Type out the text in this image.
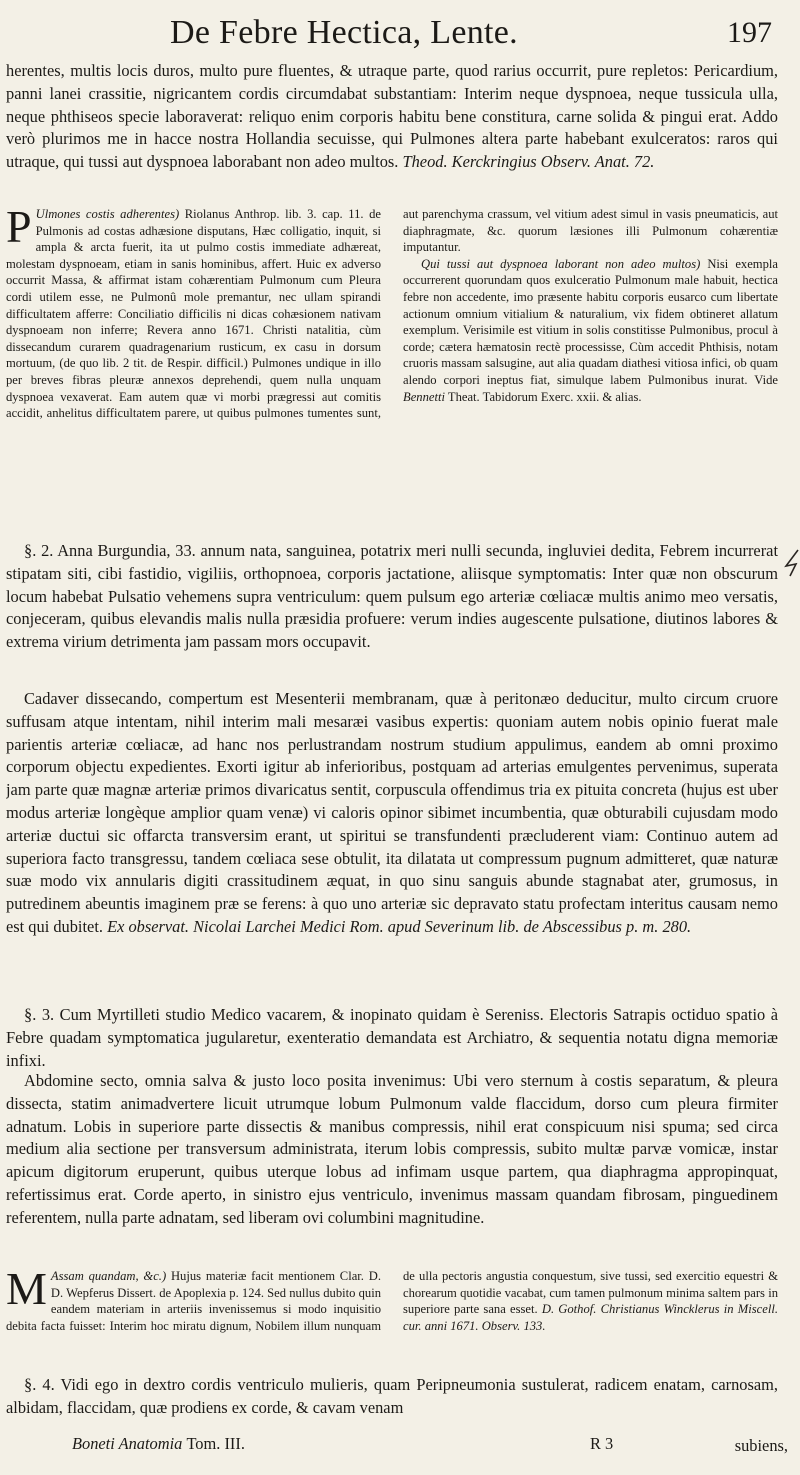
De Febre Hectica, Lente.	197

herentes, multis locis duros, multo pure fluentes, & utraque parte, quod rarius occurrit, pure repletos: Pericardium, panni lanei crassitie, nigricantem cordis circumdabat substantiam: Interim neque dyspnoea, neque tussicula ulla, neque phthiseos specie laboraverat: reliquo enim corporis habitu bene constitura, carne solida & pingui erat. Addo verò plurimos me in hacce nostra Hollandia secuisse, qui Pulmones altera parte habebant exulceratos: raros qui utraque, qui tussi aut dyspnoea laborabant non adeo multos. Theod. Kerckringius Observ. Anat. 72.

P Ulmones costis adherentes) Riolanus Anthrop. lib. 3. cap. 11. de Pulmonis ad costas adhæsione disputans, Hæc colligatio, inquit, si ampla & arcta fuerit, ita ut pulmo costis immediate adhæreat, molestam dyspnoeam, etiam in sanis hominibus, affert. Huic ex adverso occurrit Massa, & affirmat istam cohærentiam Pulmonum cum Pleura cordi utilem esse, ne Pulmonû mole premantur, nec ullam spirandi difficultatem afferre: Conciliatio difficilis ni dicas cohæsionem nativam dyspnoeam non inferre; Revera anno 1671. Christi natalitia, cùm dissecandum curarem quadragenarium rusticum, ex casu in dorsum mortuum, (de quo lib. 2 tit. de Respir. difficil.) Pulmones undique in illo per breves fibras pleuræ annexos deprehendi, quem nulla unquam dyspnoea vexaverat. Eam autem quæ vi morbi prægressi aut comitis accidit, anhelitus difficultatem parere, ut quibus pulmones tumentes sunt, aut parenchyma crassum, vel vitium adest simul in vasis pneumaticis, aut diaphragmate, &c. quorum læsiones illi Pulmonum cohærentiæ imputantur.

Qui tussi aut dyspnoea laborant non adeo multos) Nisi exempla occurrerent quorundam quos exulceratio Pulmonum male habuit, hectica febre non accedente, imo præsente habitu corporis eusarco cum libertate actionum omnium vitialium & naturalium, vix fidem obtineret allatum exemplum. Verisimile est vitium in solis constitisse Pulmonibus, procul à corde; cætera hæmatosin rectè processisse, Cùm accedit Phthisis, notam cruoris massam salsugine, aut alia quadam diathesi vitiosa infici, ob quam alendo corpori ineptus fiat, simulque labem Pulmonibus inurat. Vide Bennetti Theat. Tabidorum Exerc. xxii. & alias.

§. 2. Anna Burgundia, 33. annum nata, sanguinea, potatrix meri nulli secunda, ingluviei dedita, Febrem incurrerat stipatam siti, cibi fastidio, vigiliis, orthopnoea, corporis jactatione, aliisque symptomatis: Inter quæ non obscurum locum habebat Pulsatio vehemens supra ventriculum: quem pulsum ego arteriæ cœliacæ multis animo meo versatis, conjeceram, quibus elevandis malis nulla præsidia profuere: verum indies augescente pulsatione, diutinos labores & extrema virium detrimenta jam passam mors occupavit.

Cadaver dissecando, compertum est Mesenterii membranam, quæ à peritonæo deducitur, multo circum cruore suffusam atque intentam, nihil interim mali mesaræi vasibus expertis: quoniam autem nobis opinio fuerat male parientis arteriæ cœliacæ, ad hanc nos perlustrandam nostrum studium appulimus, eandem ab omni proximo corporum objectu expedientes. Exorti igitur ab inferioribus, postquam ad arterias emulgentes pervenimus, superata jam parte quæ magnæ arteriæ primos divaricatus sentit, corpuscula offendimus tria ex pituita concreta (hujus est uber modus arteriæ longèque amplior quam venæ) vi caloris opinor sibimet incumbentia, quæ obturabili cujusdam modo arteriæ ductui sic offarcta transversim erant, ut spiritui se transfundenti præcluderent viam: Continuo autem ad superiora facto transgressu, tandem cœliaca sese obtulit, ita dilatata ut compressum pugnum admitteret, quæ naturæ suæ modo vix annularis digiti crassitudinem æquat, in quo sinu sanguis abunde stagnabat ater, grumosus, in putredinem abeuntis imaginem præ se ferens: à quo uno arteriæ sic depravato statu profectam interitus causam nemo est qui dubitet. Ex observat. Nicolai Larchei Medici Rom. apud Severinum lib. de Abscessibus p. m. 280.

§. 3. Cum Myrtilleti studio Medico vacarem, & inopinato quidam è Sereniss. Electoris Satrapis octiduo spatio à Febre quadam symptomatica jugularetur, exenteratio demandata est Archiatro, & sequentia notatu digna memoriæ infixi.

Abdomine secto, omnia salva & justo loco posita invenimus: Ubi vero sternum à costis separatum, & pleura dissecta, statim animadvertere licuit utrumque lobum Pulmonum valde flaccidum, dorso cum pleura firmiter adnatum. Lobis in superiore parte dissectis & manibus compressis, nihil erat conspicuum nisi spuma; sed circa medium alia sectione per transversum administrata, iterum lobis compressis, subito multæ parvæ vomicæ, instar apicum digitorum eruperunt, quibus uterque lobus ad infimam usque partem, qua diaphragma appropinquat, refertissimus erat. Corde aperto, in sinistro ejus ventriculo, invenimus massam quandam fibrosam, pinguedinem referentem, nulla parte adnatam, sed liberam ovi columbini magnitudine.

M Assam quandam, &c.) Hujus materiæ facit mentionem Clar. D. D. Wepferus Dissert. de Apoplexia p. 124. Sed nullus dubito quin eandem materiam in arteriis invenissemus si modo inquisitio debita facta fuisset: Interim hoc miratu dignum, Nobilem illum nunquam de ulla pectoris angustia conquestum, sive tussi, sed exercitio equestri & chorearum quotidie vacabat, cum tamen pulmonum minima saltem pars in superiore parte sana esset. D. Gothof. Christianus Wincklerus in Miscell. cur. anni 1671. Observ. 133.

§. 4. Vidi ego in dextro cordis ventriculo mulieris, quam Peripneumonia sustulerat, radicem enatam, carnosam, albidam, flaccidam, quæ prodiens ex corde, & cavam venam

Boneti Anatomia Tom. III.	R 3	subiens,
